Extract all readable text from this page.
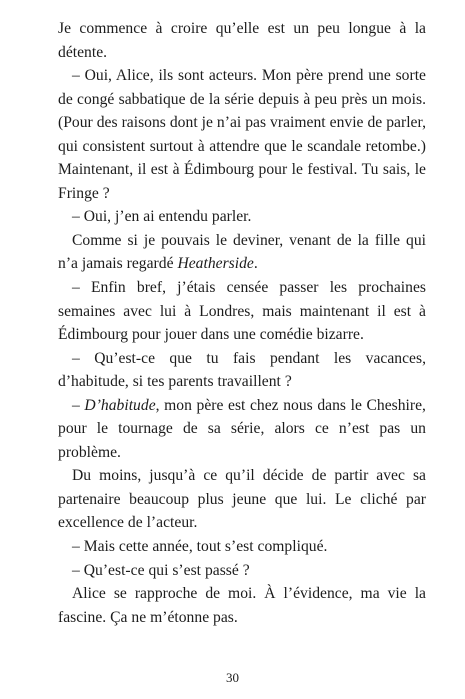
Je commence à croire qu’elle est un peu longue à la détente.

– Oui, Alice, ils sont acteurs. Mon père prend une sorte de congé sabbatique de la série depuis à peu près un mois. (Pour des raisons dont je n’ai pas vraiment envie de parler, qui consistent surtout à attendre que le scandale retombe.) Maintenant, il est à Édimbourg pour le festival. Tu sais, le Fringe ?

– Oui, j’en ai entendu parler.

Comme si je pouvais le deviner, venant de la fille qui n’a jamais regardé Heatherside.

– Enfin bref, j’étais censée passer les prochaines semaines avec lui à Londres, mais maintenant il est à Édimbourg pour jouer dans une comédie bizarre.

– Qu’est-ce que tu fais pendant les vacances, d’habitude, si tes parents travaillent ?

– D’habitude, mon père est chez nous dans le Cheshire, pour le tournage de sa série, alors ce n’est pas un problème.

Du moins, jusqu’à ce qu’il décide de partir avec sa partenaire beaucoup plus jeune que lui. Le cliché par excellence de l’acteur.

– Mais cette année, tout s’est compliqué.

– Qu’est-ce qui s’est passé ?

Alice se rapproche de moi. À l’évidence, ma vie la fascine. Ça ne m’étonne pas.

30
